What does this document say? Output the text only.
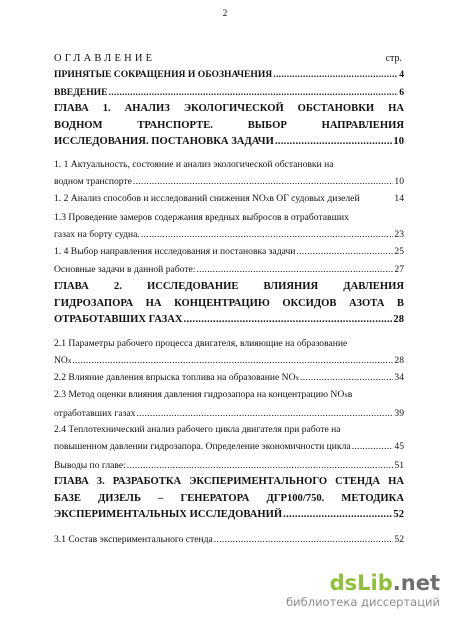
2
ОГЛАВЛЕНИЕ	стр.
ПРИНЯТЫЕ СОКРАЩЕНИЯ И ОБОЗНАЧЕНИЯ .....	4
ВВЕДЕНИЕ .....	6
ГЛАВА 1. АНАЛИЗ ЭКОЛОГИЧЕСКОЙ ОБСТАНОВКИ НА
ВОДНОМ ТРАНСПОРТЕ. ВЫБОР НАПРАВЛЕНИЯ
ИССЛЕДОВАНИЯ. ПОСТАНОВКА ЗАДАЧИ .....	10
1. 1 Актуальность, состояние и анализ экологической обстановки на
водном транспорте .....	10
1. 2 Анализ способов и исследований снижения NO x в ОГ судовых дизелей	14
1.3 Проведение замеров содержания вредных выбросов в отработавших
газах на борту судна. .....	23
1. 4 Выбор направления исследования и постановка задачи .....	25
Основные задачи в данной работе: .....	27
ГЛАВА 2. ИССЛЕДОВАНИЕ ВЛИЯНИЯ ДАВЛЕНИЯ
ГИДРОЗАПОРА НА КОНЦЕНТРАЦИЮ ОКСИДОВ АЗОТА В
ОТРАБОТАВШИХ ГАЗАХ .....	28
2.1 Параметры рабочего процесса двигателя, влияющие на образование
NO x .....	28
2.2 Влияние давления впрыска топлива на образование NO x .....	34
2.3 Метод оценки влияния давления гидрозапора на концентрацию NO x в
отработавших газах .....	39
2.4 Теплотехнический анализ рабочего цикла двигателя при работе на
повышенном давлении гидрозапора. Определение экономичности цикла .....	45
Выводы по главе: .....	51
ГЛАВА 3. РАЗРАБОТКА ЭКСПЕРИМЕНТАЛЬНОГО СТЕНДА НА
БАЗЕ ДИЗЕЛЬ – ГЕНЕРАТОРА ДГР100/750. МЕТОДИКА
ЭКСПЕРИМЕНТАЛЬНЫХ ИССЛЕДОВАНИЙ .....	52
3.1 Состав экспериментального стенда .....	52
dsLib.net
библиотека диссертаций
